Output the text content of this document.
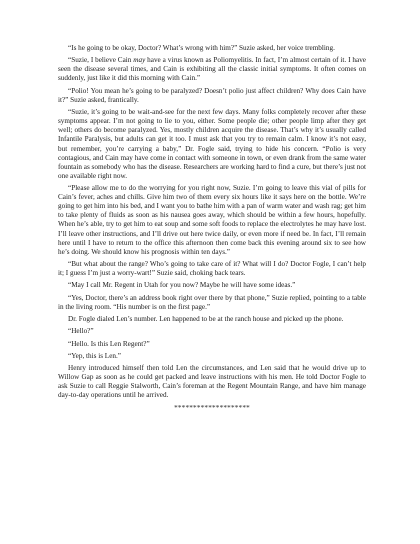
“Is he going to be okay, Doctor? What’s wrong with him?” Suzie asked, her voice trembling.

“Suzie, I believe Cain may have a virus known as Poliomyelitis. In fact, I’m almost certain of it. I have seen the disease several times, and Cain is exhibiting all the classic initial symptoms. It often comes on suddenly, just like it did this morning with Cain.”

“Polio! You mean he’s going to be paralyzed? Doesn’t polio just affect children? Why does Cain have it?” Suzie asked, frantically.

“Suzie, it’s going to be wait-and-see for the next few days. Many folks completely recover after these symptoms appear. I’m not going to lie to you, either. Some people die; other people limp after they get well; others do become paralyzed. Yes, mostly children acquire the disease. That’s why it’s usually called Infantile Paralysis, but adults can get it too. I must ask that you try to remain calm. I know it’s not easy, but remember, you’re carrying a baby,” Dr. Fogle said, trying to hide his concern. “Polio is very contagious, and Cain may have come in contact with someone in town, or even drank from the same water fountain as somebody who has the disease. Researchers are working hard to find a cure, but there’s just not one available right now.

“Please allow me to do the worrying for you right now, Suzie. I’m going to leave this vial of pills for Cain’s fever, aches and chills. Give him two of them every six hours like it says here on the bottle. We’re going to get him into his bed, and I want you to bathe him with a pan of warm water and wash rag; get him to take plenty of fluids as soon as his nausea goes away, which should be within a few hours, hopefully. When he’s able, try to get him to eat soup and some soft foods to replace the electrolytes he may have lost. I’ll leave other instructions, and I’ll drive out here twice daily, or even more if need be. In fact, I’ll remain here until I have to return to the office this afternoon then come back this evening around six to see how he’s doing. We should know his prognosis within ten days.”

“But what about the range? Who’s going to take care of it? What will I do? Doctor Fogle, I can’t help it; I guess I’m just a worry-wart!” Suzie said, choking back tears.

“May I call Mr. Regent in Utah for you now? Maybe he will have some ideas.”

“Yes, Doctor, there’s an address book right over there by that phone,” Suzie replied, pointing to a table in the living room. “His number is on the first page.”

Dr. Fogle dialed Len’s number. Len happened to be at the ranch house and picked up the phone.

“Hello?”

“Hello. Is this Len Regent?”

“Yep, this is Len.”

Henry introduced himself then told Len the circumstances, and Len said that he would drive up to Willow Gap as soon as he could get packed and leave instructions with his men. He told Doctor Fogle to ask Suzie to call Reggie Stalworth, Cain’s foreman at the Regent Mountain Range, and have him manage day-to-day operations until he arrived.

********************
